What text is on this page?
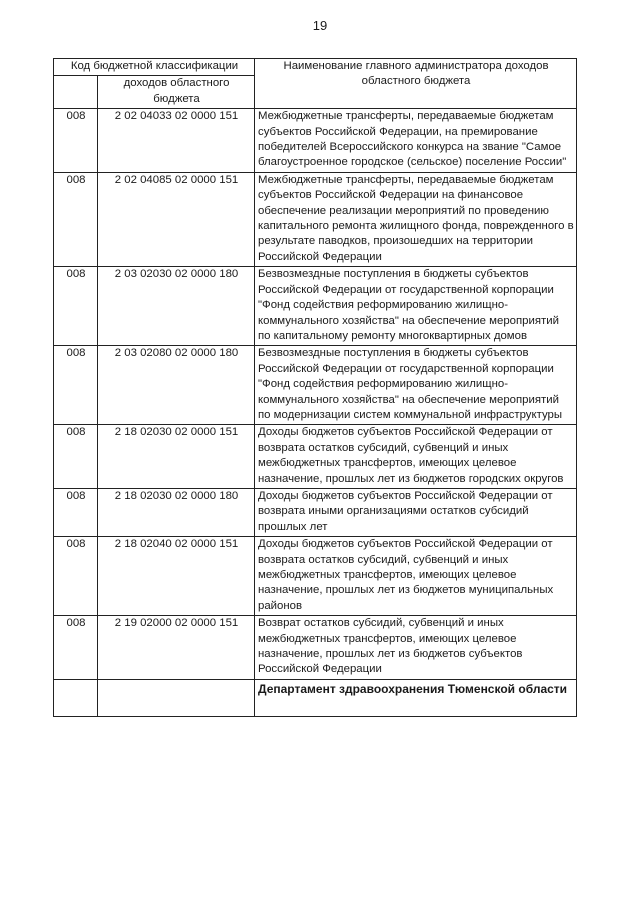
19
Код бюджетной классификации		Наименование главного администратора доходов областного бюджета
	доходов областного бюджета	
008	2 02 04033 02 0000 151	Межбюджетные трансферты, передаваемые бюджетам субъектов Российской Федерации, на премирование победителей Всероссийского конкурса на звание "Самое благоустроенное городское (сельское) поселение России"
008	2 02 04085 02 0000 151	Межбюджетные трансферты, передаваемые бюджетам субъектов Российской Федерации на финансовое обеспечение реализации мероприятий по проведению капитального ремонта жилищного фонда, поврежденного в результате паводков, произошедших на территории Российской Федерации
008	2 03 02030 02 0000 180	Безвозмездные поступления в бюджеты субъектов Российской Федерации от государственной корпорации "Фонд содействия реформированию жилищно-коммунального хозяйства" на обеспечение мероприятий по капитальному ремонту многоквартирных домов
008	2 03 02080 02 0000 180	Безвозмездные поступления в бюджеты субъектов Российской Федерации от государственной корпорации "Фонд содействия реформированию жилищно-коммунального хозяйства" на обеспечение мероприятий по модернизации систем коммунальной инфраструктуры
008	2 18 02030 02 0000 151	Доходы бюджетов субъектов Российской Федерации от возврата остатков субсидий, субвенций и иных межбюджетных трансфертов, имеющих целевое назначение, прошлых лет из бюджетов городских округов
008	2 18 02030 02 0000 180	Доходы бюджетов субъектов Российской Федерации от возврата иными организациями остатков субсидий прошлых лет
008	2 18 02040 02 0000 151	Доходы бюджетов субъектов Российской Федерации от возврата остатков субсидий, субвенций и иных межбюджетных трансфертов, имеющих целевое назначение, прошлых лет из бюджетов муниципальных районов
008	2 19 02000 02 0000 151	Возврат остатков субсидий, субвенций и иных межбюджетных трансфертов, имеющих целевое назначение, прошлых лет из бюджетов субъектов Российской Федерации
		Департамент здравоохранения Тюменской области
